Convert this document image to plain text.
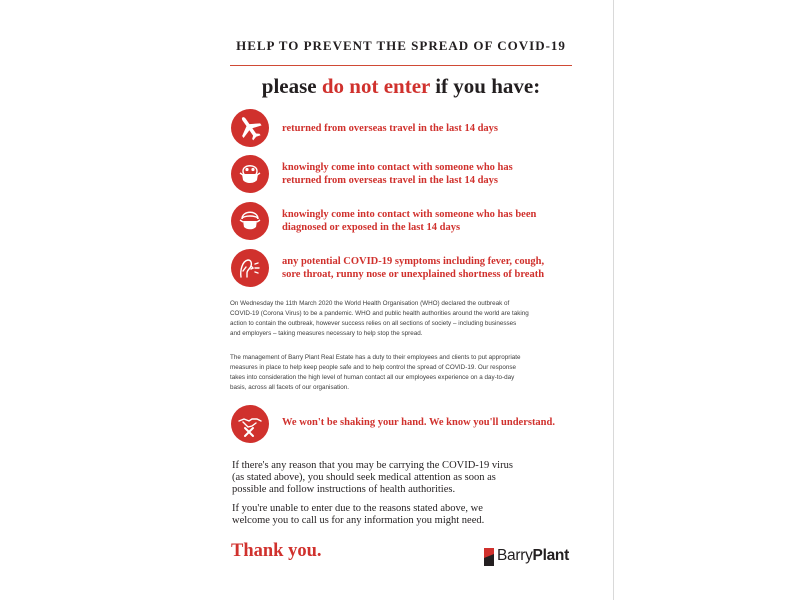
HELP TO PREVENT THE SPREAD OF COVID-19
please do not enter if you have:
returned from overseas travel in the last 14 days
knowingly come into contact with someone who has
returned from overseas travel in the last 14 days
knowingly come into contact with someone who has been
diagnosed or exposed in the last 14 days
any potential COVID-19 symptoms including fever, cough,
sore throat, runny nose or unexplained shortness of breath
On Wednesday the 11th March 2020 the World Health Organisation (WHO) declared the outbreak of
COVID-19 (Corona Virus) to be a pandemic. WHO and public health authorities around the world are taking
action to contain the outbreak, however success relies on all sections of society – including businesses
and employers – taking measures necessary to help stop the spread.
The management of Barry Plant Real Estate has a duty to their employees and clients to put appropriate
measures in place to help keep people safe and to help control the spread of COVID-19. Our response
takes into consideration the high level of human contact all our employees experience on a day-to-day
basis, across all facets of our organisation.
We won't be shaking your hand. We know you'll understand.
If there's any reason that you may be carrying the COVID-19 virus
(as stated above), you should seek medical attention as soon as
possible and follow instructions of health authorities.
If you're unable to enter due to the reasons stated above, we
welcome you to call us for any information you might need.
Thank you.	BarryPlant
